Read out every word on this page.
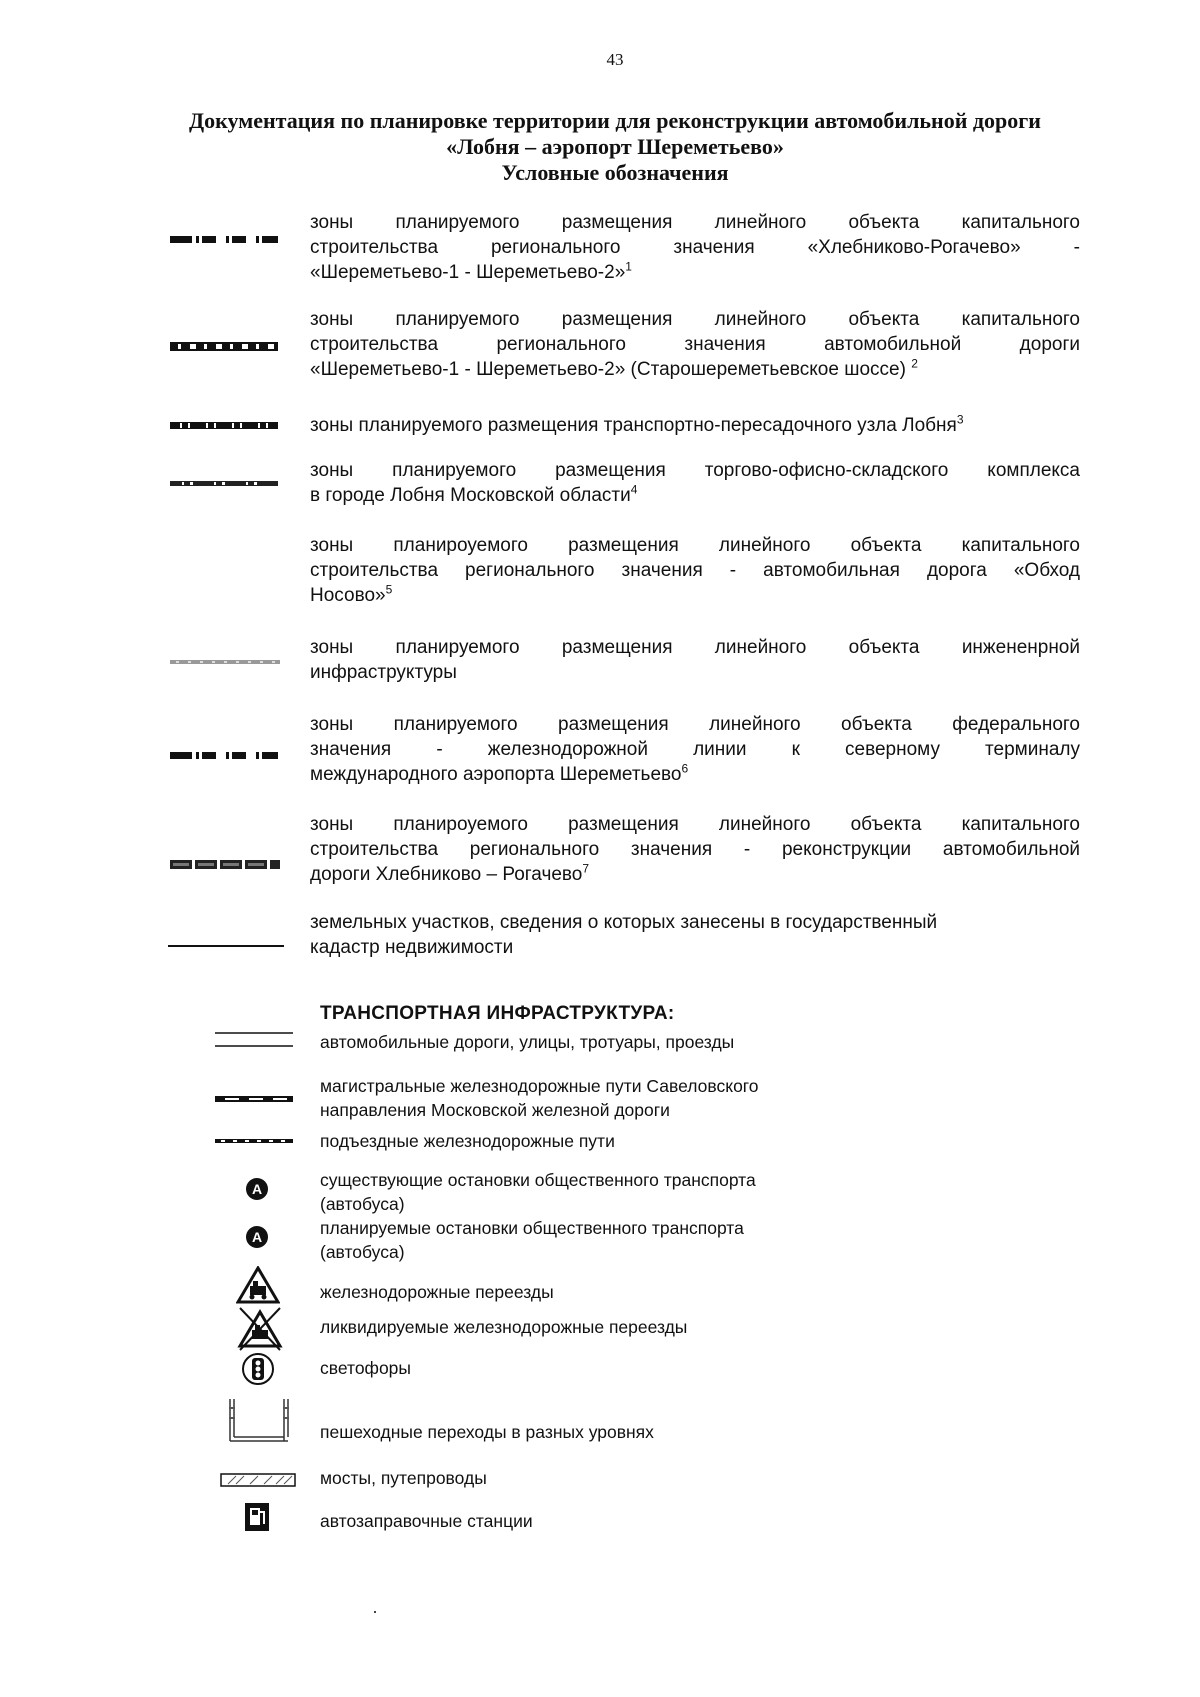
43
Документация по планировке территории для реконструкции автомобильной дороги
«Лобня – аэропорт Шереметьево»
Условные обозначения
зоны планируемого размещения линейного объекта капитального
строительства регионального значения «Хлебниково-Рогачево» -
«Шереметьево-1 - Шереметьево-2»$^1$
зоны планируемого размещения линейного объекта капитального
строительства регионального значения автомобильной дороги
«Шереметьево-1 - Шереметьево-2» (Старошереметьевское шоссе) $^2$
зоны планируемого размещения транспортно-пересадочного узла Лобня$^3$
зоны планируемого размещения торгово-офисно-складского комплекса
в городе Лобня Московской области$^4$
зоны планироуемого размещения линейного объекта капитального
строительства регионального значения - автомобильная дорога «Обход
Носово»$^5$
зоны планируемого размещения линейного объекта инжененрной
инфраструктуры
зоны планируемого размещения линейного объекта федерального
значения - железнодорожной линии к северному терминалу
международного аэропорта Шереметьево$^6$
зоны планироуемого размещения линейного объекта капитального
строительства регионального значения - реконструкции автомобильной
дороги Хлебниково – Рогачево$^7$
земельных участков, сведения о которых занесены в государственный
кадастр недвижимости
ТРАНСПОРТНАЯ ИНФРАСТРУКТУРА:
автомобильные дороги, улицы, тротуары, проезды
магистральные железнодорожные пути Савеловского
направления Московской железной дороги
подъездные железнодорожные пути
A	существующие остановки общественного транспорта
(автобуса)
A	планируемые остановки общественного транспорта
(автобуса)
железнодорожные переезды
ликвидируемые железнодорожные переезды
светофоры
пешеходные переходы в разных уровнях
мосты, путепроводы
автозаправочные станции
